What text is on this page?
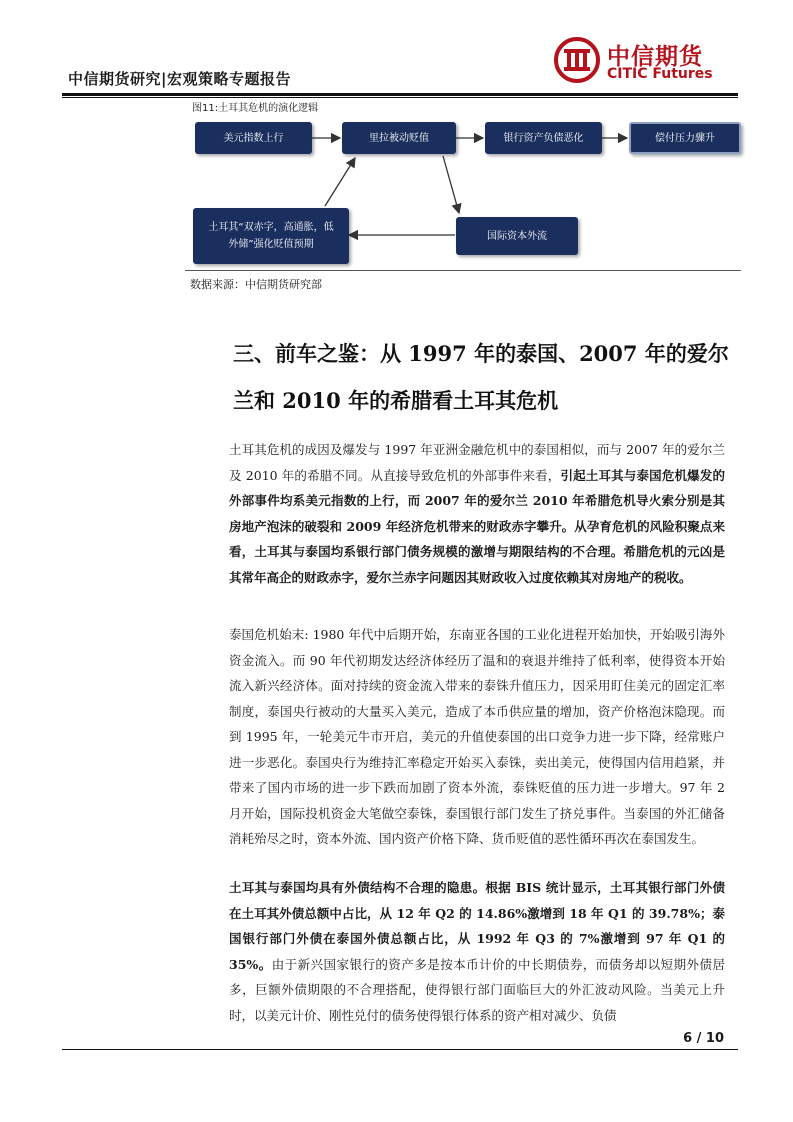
中信期货研究|宏观策略专题报告
中信期货
CITIC Futures
图11:土耳其危机的演化逻辑
美元指数上行	里拉被动贬值	银行资产负债恶化	偿付压力骤升
国际资本外流
土耳其“双赤字，高通胀，低
外储”强化贬值预期
数据来源：中信期货研究部
三、前车之鉴：从 1997 年的泰国、2007 年的爱尔兰和 2010 年的希腊看土耳其危机
土耳其危机的成因及爆发与 1997 年亚洲金融危机中的泰国相似，而与 2007 年的爱尔兰及 2010 年的希腊不同。从直接导致危机的外部事件来看，引起土耳其与泰国危机爆发的外部事件均系美元指数的上行，而 2007 年的爱尔兰 2010 年希腊危机导火索分别是其房地产泡沫的破裂和 2009 年经济危机带来的财政赤字攀升。从孕育危机的风险积聚点来看，土耳其与泰国均系银行部门债务规模的激增与期限结构的不合理。希腊危机的元凶是其常年高企的财政赤字，爱尔兰赤字问题因其财政收入过度依赖其对房地产的税收。
泰国危机始末: 1980 年代中后期开始，东南亚各国的工业化进程开始加快，开始吸引海外资金流入。而 90 年代初期发达经济体经历了温和的衰退并维持了低利率，使得资本开始流入新兴经济体。面对持续的资金流入带来的泰铢升值压力，因采用盯住美元的固定汇率制度，泰国央行被动的大量买入美元，造成了本币供应量的增加，资产价格泡沫隐现。而到 1995 年，一轮美元牛市开启，美元的升值使泰国的出口竞争力进一步下降，经常账户进一步恶化。泰国央行为维持汇率稳定开始买入泰铢，卖出美元，使得国内信用趋紧，并带来了国内市场的进一步下跌而加剧了资本外流，泰铢贬值的压力进一步增大。97 年 2 月开始，国际投机资金大笔做空泰铢，泰国银行部门发生了挤兑事件。当泰国的外汇储备消耗殆尽之时，资本外流、国内资产价格下降、货币贬值的恶性循环再次在泰国发生。
土耳其与泰国均具有外债结构不合理的隐患。根据 BIS 统计显示，土耳其银行部门外债在土耳其外债总额中占比，从 12 年 Q2 的 14.86%激增到 18 年 Q1 的 39.78%；泰国银行部门外债在泰国外债总额占比，从 1992 年 Q3 的 7%激增到 97 年 Q1 的 35%。由于新兴国家银行的资产多是按本币计价的中长期债券，而债务却以短期外债居多，巨额外债期限的不合理搭配，使得银行部门面临巨大的外汇波动风险。当美元上升时，以美元计价、刚性兑付的债务使得银行体系的资产相对减少、负债
6 / 10
